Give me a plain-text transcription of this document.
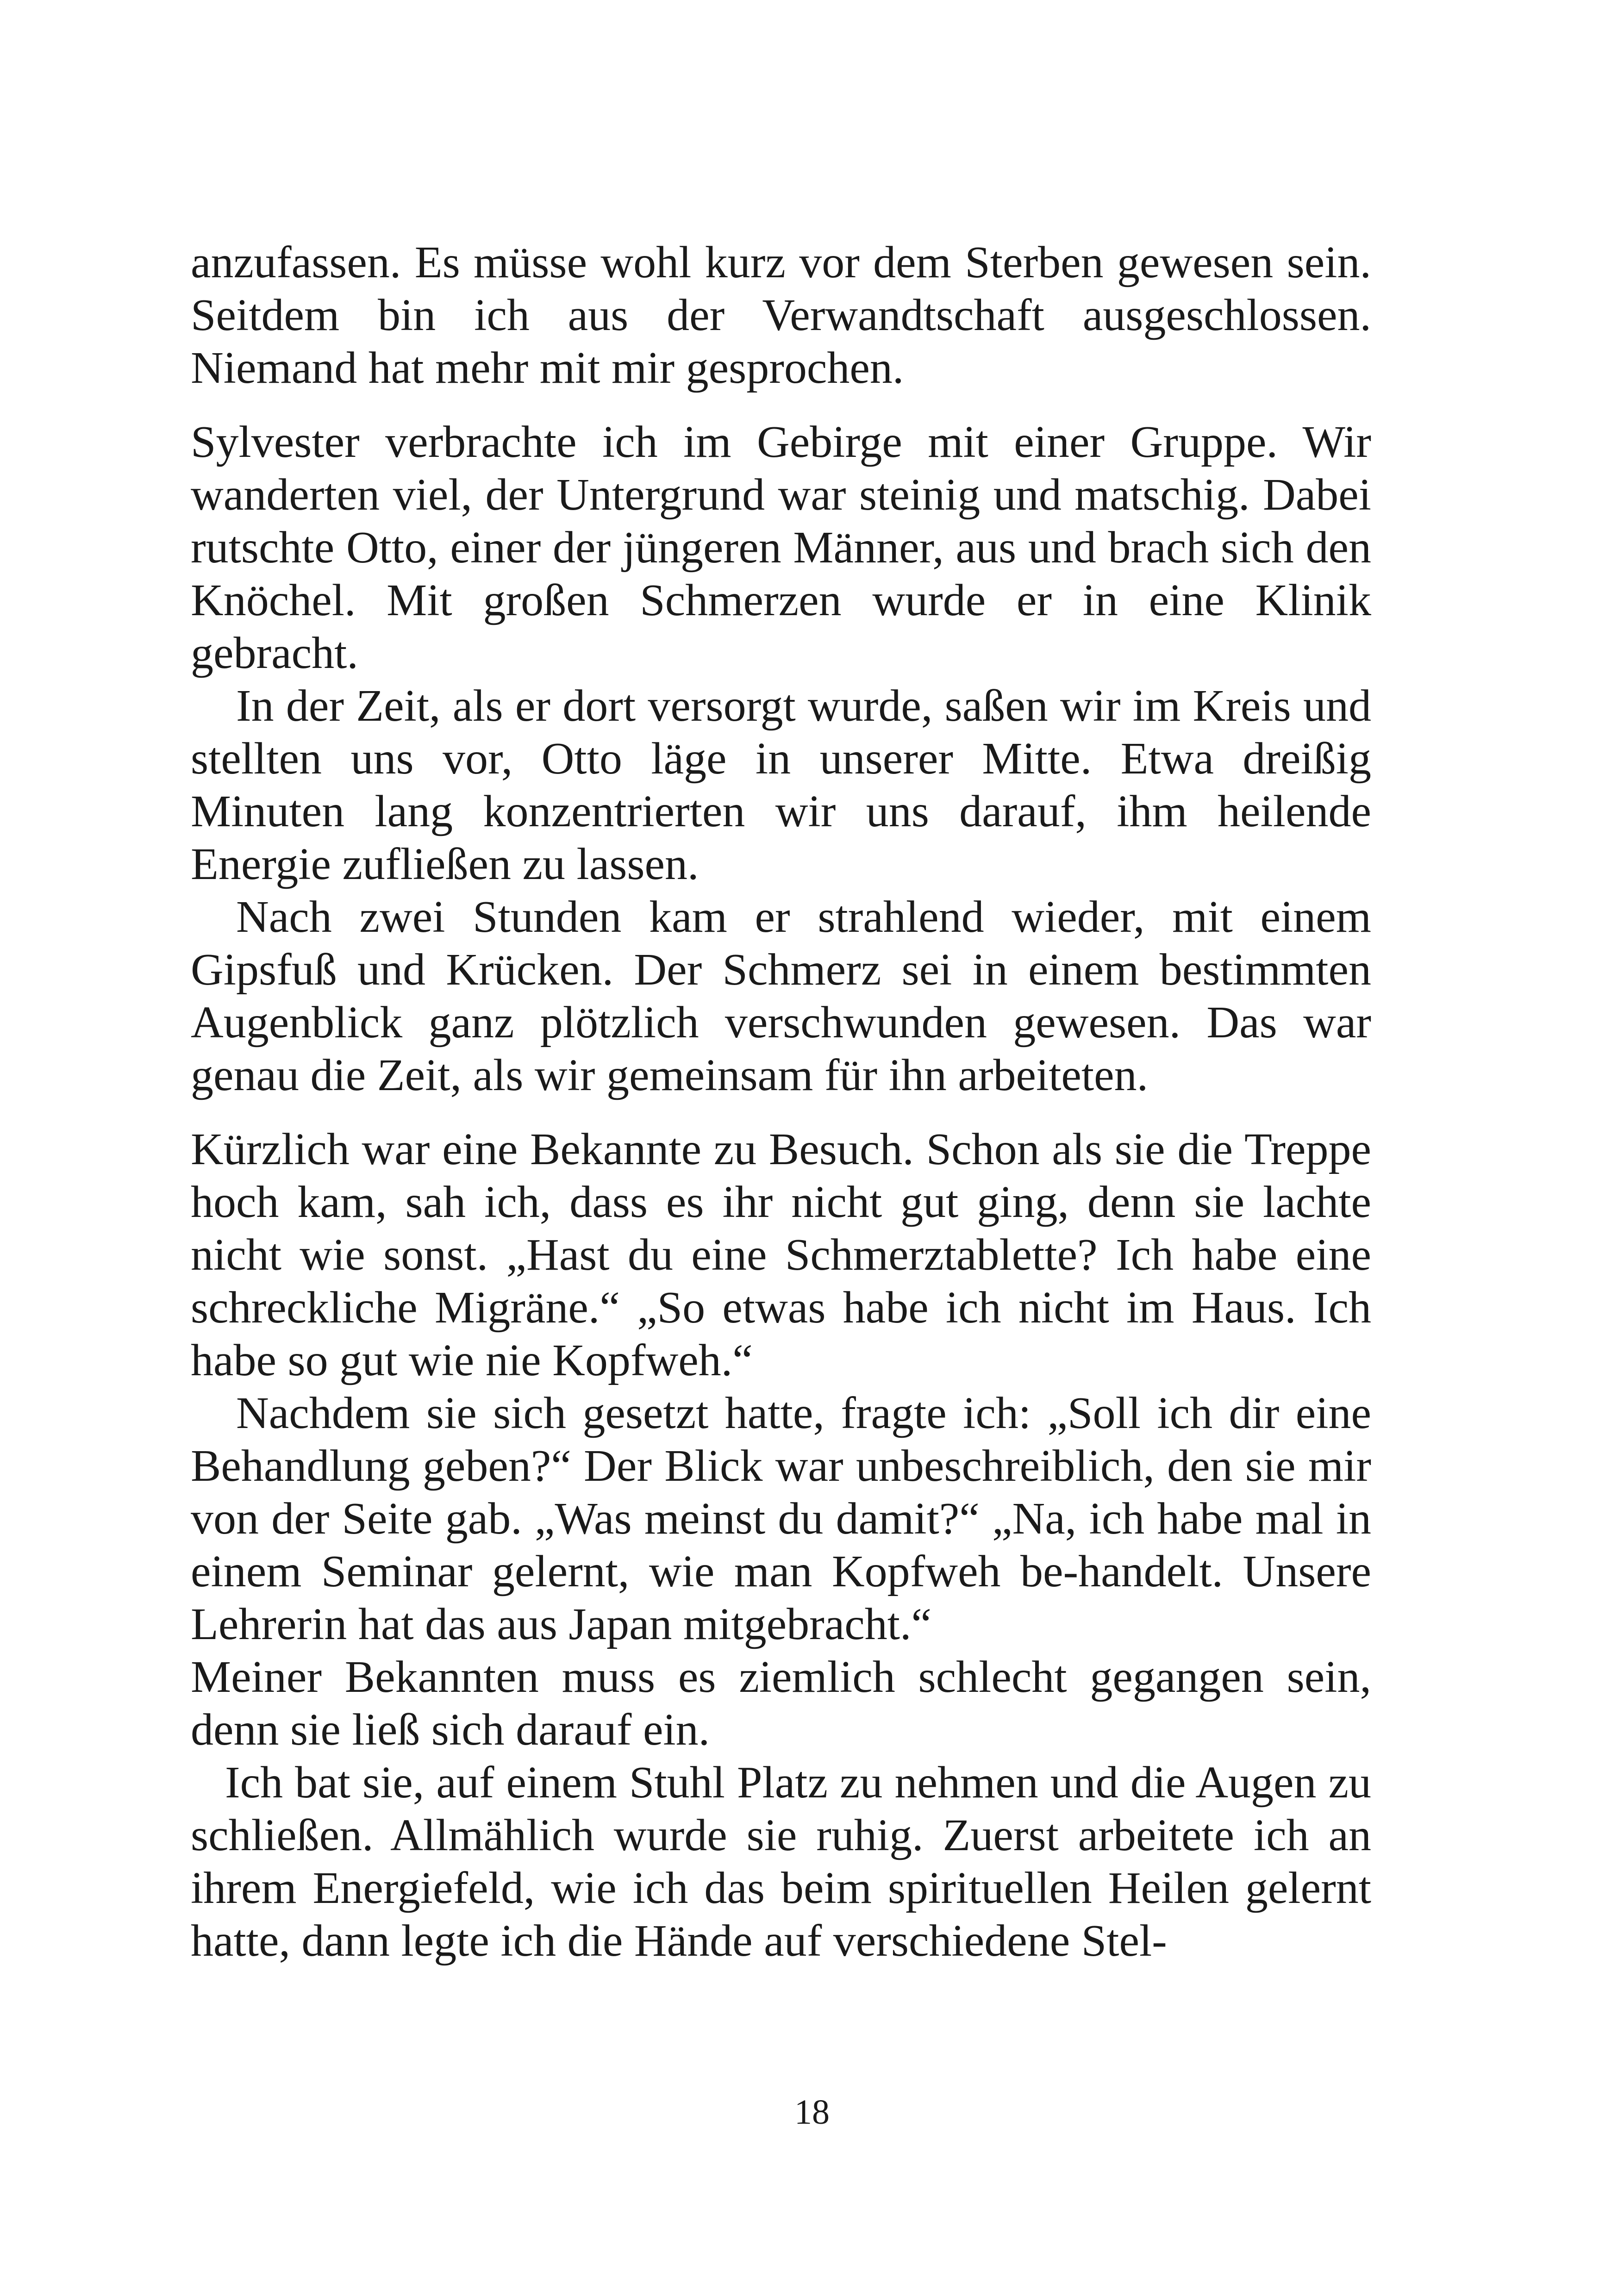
anzufassen. Es müsse wohl kurz vor dem Sterben gewesen sein. Seitdem bin ich aus der Verwandtschaft ausgeschlossen. Niemand hat mehr mit mir gesprochen.

Sylvester verbrachte ich im Gebirge mit einer Gruppe. Wir wanderten viel, der Untergrund war steinig und matschig. Dabei rutschte Otto, einer der jüngeren Männer, aus und brach sich den Knöchel. Mit großen Schmerzen wurde er in eine Klinik gebracht.

In der Zeit, als er dort versorgt wurde, saßen wir im Kreis und stellten uns vor, Otto läge in unserer Mitte. Etwa dreißig Minuten lang konzentrierten wir uns darauf, ihm heilende Energie zufließen zu lassen.

Nach zwei Stunden kam er strahlend wieder, mit einem Gipsfuß und Krücken. Der Schmerz sei in einem bestimmten Augenblick ganz plötzlich verschwunden gewesen. Das war genau die Zeit, als wir gemeinsam für ihn arbeiteten.

Kürzlich war eine Bekannte zu Besuch. Schon als sie die Treppe hoch kam, sah ich, dass es ihr nicht gut ging, denn sie lachte nicht wie sonst. „Hast du eine Schmerztablette? Ich habe eine schreckliche Migräne.“ „So etwas habe ich nicht im Haus. Ich habe so gut wie nie Kopfweh.“

Nachdem sie sich gesetzt hatte, fragte ich: „Soll ich dir eine Behandlung geben?“ Der Blick war unbeschreiblich, den sie mir von der Seite gab. „Was meinst du damit?“ „Na, ich habe mal in einem Seminar gelernt, wie man Kopfweh be-handelt. Unsere Lehrerin hat das aus Japan mitgebracht.“

Meiner Bekannten muss es ziemlich schlecht gegangen sein, denn sie ließ sich darauf ein.

Ich bat sie, auf einem Stuhl Platz zu nehmen und die Augen zu schließen. Allmählich wurde sie ruhig. Zuerst arbeitete ich an ihrem Energiefeld, wie ich das beim spirituellen Heilen gelernt hatte, dann legte ich die Hände auf verschiedene Stel-

18
